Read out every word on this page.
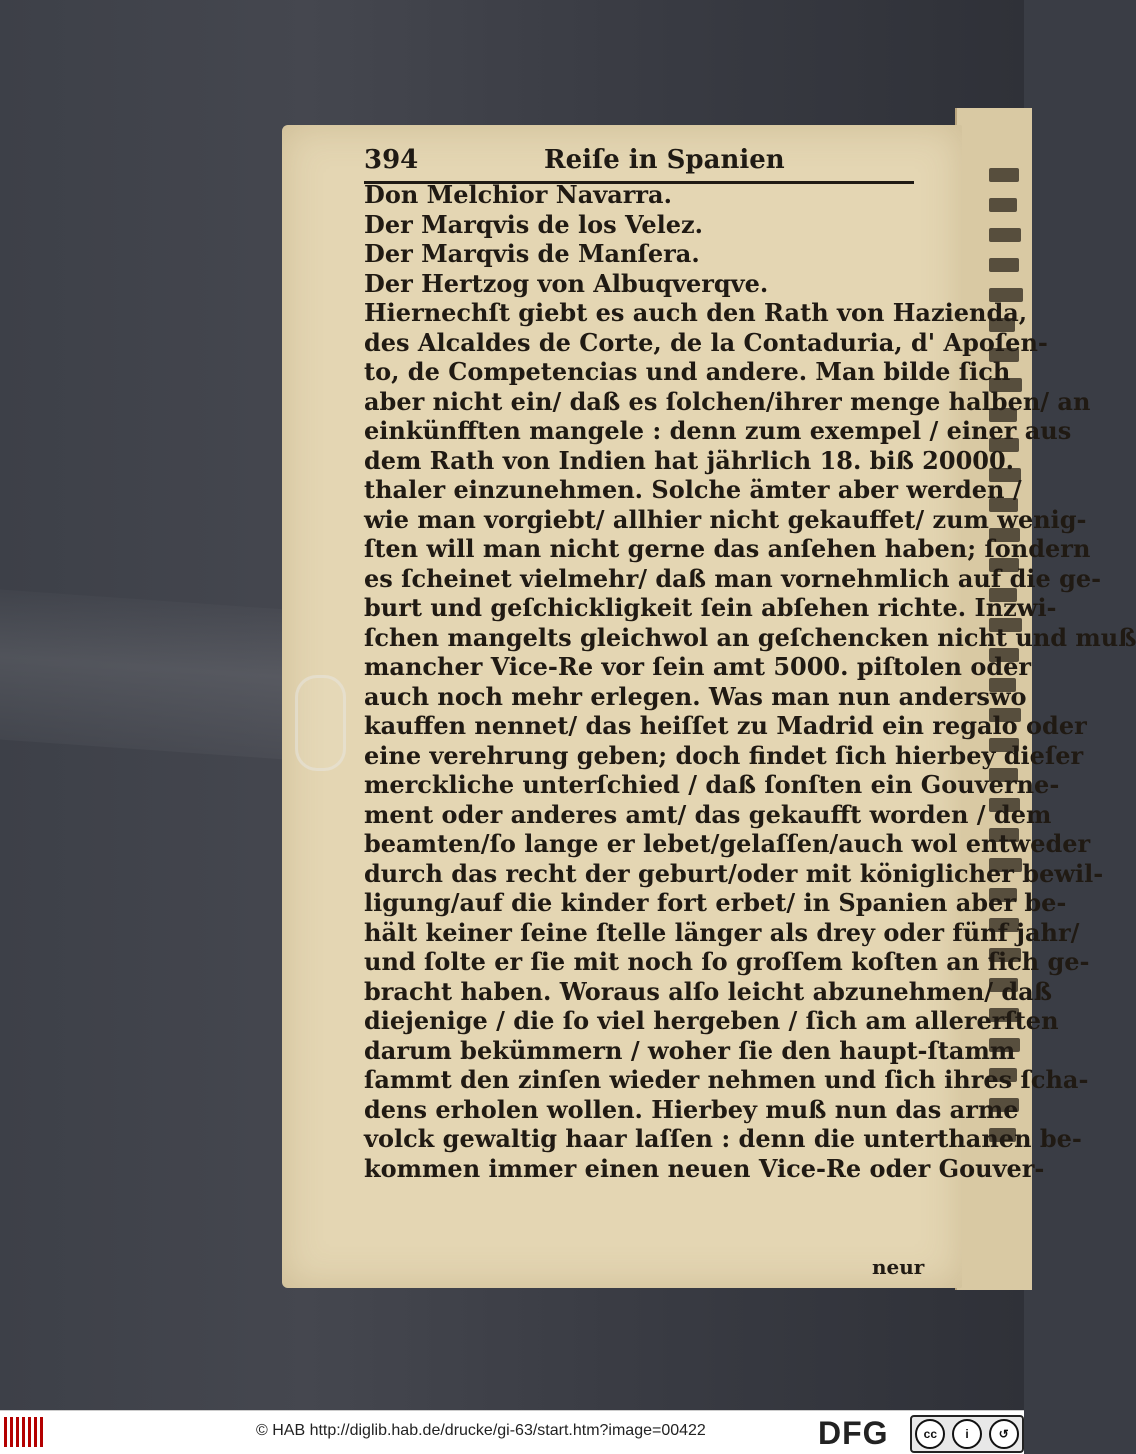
394	Reiſe in Spanien
Don Melchior Navarra.
Der Marqvis de los Velez.
Der Marqvis de Manſera.
Der Hertzog von Albuqverqve.
Hiernechſt giebt es auch den Rath von Hazienda,
des Alcaldes de Corte, de la Contaduria, d' Apoſen-
to, de Competencias und andere. Man bilde ſich
aber nicht ein/ daß es ſolchen/ihrer menge halben/ an
einkünfften mangele : denn zum exempel / einer aus
dem Rath von Indien hat jährlich 18. biß 20000.
thaler einzunehmen. Solche ämter aber werden /
wie man vorgiebt/ allhier nicht gekauffet/ zum wenig-
ſten will man nicht gerne das anſehen haben; ſondern
es ſcheinet vielmehr/ daß man vornehmlich auf die ge-
burt und geſchickligkeit ſein abſehen richte. Inzwi-
ſchen mangelts gleichwol an geſchencken nicht und muß
mancher Vice-Re vor ſein amt 5000. piſtolen oder
auch noch mehr erlegen. Was man nun anderswo
kauffen nennet/ das heiſſet zu Madrid ein regalo oder
eine verehrung geben; doch findet ſich hierbey dieſer
merckliche unterſchied / daß ſonſten ein Gouverne-
ment oder anderes amt/ das gekaufft worden / dem
beamten/ſo lange er lebet/gelaſſen/auch wol entweder
durch das recht der geburt/oder mit königlicher bewil-
ligung/auf die kinder fort erbet/ in Spanien aber be-
hält keiner ſeine ſtelle länger als drey oder fünf jahr/
und ſolte er ſie mit noch ſo groſſem koſten an ſich ge-
bracht haben. Woraus alſo leicht abzunehmen/ daß
diejenige / die ſo viel hergeben / ſich am allererſten
darum bekümmern / woher ſie den haupt-ſtamm
ſammt den zinſen wieder nehmen und ſich ihres ſcha-
dens erholen wollen. Hierbey muß nun das arme
volck gewaltig haar laſſen : denn die unterthanen be-
kommen immer einen neuen Vice-Re oder Gouver-
neur
© HAB http://diglib.hab.de/drucke/gi-63/start.htm?image=00422	DFG	cc	i	↺
